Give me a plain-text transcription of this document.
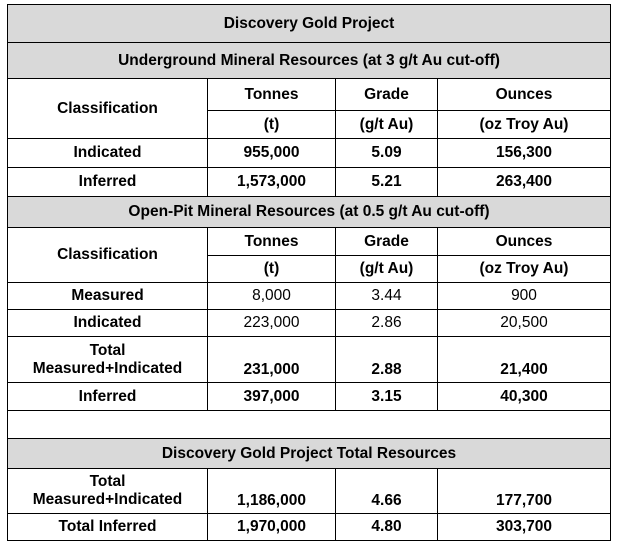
Discovery Gold Project			
Underground Mineral Resources (at 3 g/t Au cut-off)			
Classification	Tonnes	Grade	Ounces
	(t)	(g/t Au)	(oz Troy Au)
Indicated	955,000	5.09	156,300
Inferred	1,573,000	5.21	263,400
Open-Pit Mineral Resources (at 0.5 g/t Au cut-off)			
Classification	Tonnes	Grade	Ounces
	(t)	(g/t Au)	(oz Troy Au)
Measured	8,000	3.44	900
Indicated	223,000	2.86	20,500

Total
Measured+Indicated	231,000	2.88	21,400
Inferred	397,000	3.15	40,300

Discovery Gold Project Total Resources			

Total
Measured+Indicated	1,186,000	4.66	177,700
Total Inferred	1,970,000	4.80	303,700
